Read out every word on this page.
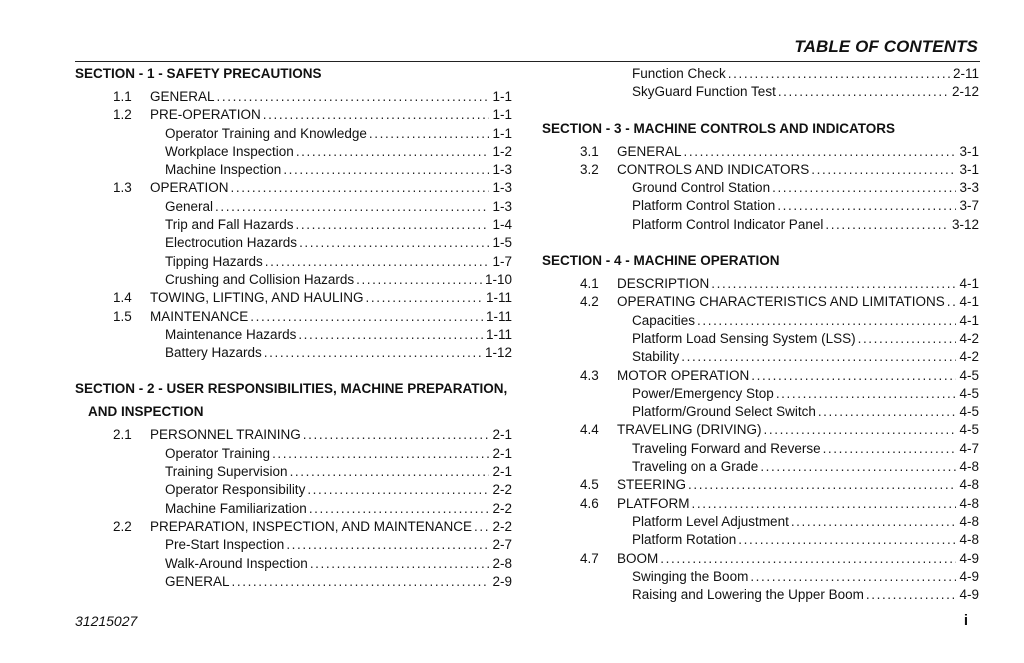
TABLE OF CONTENTS
SECTION - 1 - SAFETY PRECAUTIONS
1.1	GENERAL .....	1-1
1.2	PRE-OPERATION .....	1-1
Operator Training and Knowledge .....	1-1
Workplace Inspection .....	1-2
Machine Inspection .....	1-3
1.3	OPERATION .....	1-3
General .....	1-3
Trip and Fall Hazards .....	1-4
Electrocution Hazards .....	1-5
Tipping Hazards .....	1-7
Crushing and Collision Hazards .....	1-10
1.4	TOWING, LIFTING, AND HAULING .....	1-11
1.5	MAINTENANCE .....	1-11
Maintenance Hazards .....	1-11
Battery Hazards .....	1-12
SECTION - 2 - USER RESPONSIBILITIES, MACHINE PREPARATION,
AND INSPECTION
2.1	PERSONNEL TRAINING .....	2-1
Operator Training .....	2-1
Training Supervision .....	2-1
Operator Responsibility .....	2-2
Machine Familiarization .....	2-2
2.2	PREPARATION, INSPECTION, AND MAINTENANCE ..... 2-2
Pre-Start Inspection .....	2-7
Walk-Around Inspection .....	2-8
GENERAL .....	2-9
Function Check .....	2-11
SkyGuard Function Test .....	2-12
SECTION - 3 - MACHINE CONTROLS AND INDICATORS
3.1	GENERAL .....	3-1
3.2	CONTROLS AND INDICATORS .....	3-1
Ground Control Station .....	3-3
Platform Control Station .....	3-7
Platform Control Indicator Panel .....	3-12
SECTION - 4 - MACHINE OPERATION
4.1	DESCRIPTION .....	4-1
4.2	OPERATING CHARACTERISTICS AND LIMITATIONS ..... 4-1
Capacities .....	4-1
Platform Load Sensing System (LSS) .....	4-2
Stability .....	4-2
4.3	MOTOR OPERATION .....	4-5
Power/Emergency Stop .....	4-5
Platform/Ground Select Switch .....	4-5
4.4	TRAVELING (DRIVING) .....	4-5
Traveling Forward and Reverse .....	4-7
Traveling on a Grade .....	4-8
4.5	STEERING .....	4-8
4.6	PLATFORM .....	4-8
Platform Level Adjustment .....	4-8
Platform Rotation .....	4-8
4.7	BOOM .....	4-9
Swinging the Boom .....	4-9
Raising and Lowering the Upper Boom .....	4-9
31215027	i
